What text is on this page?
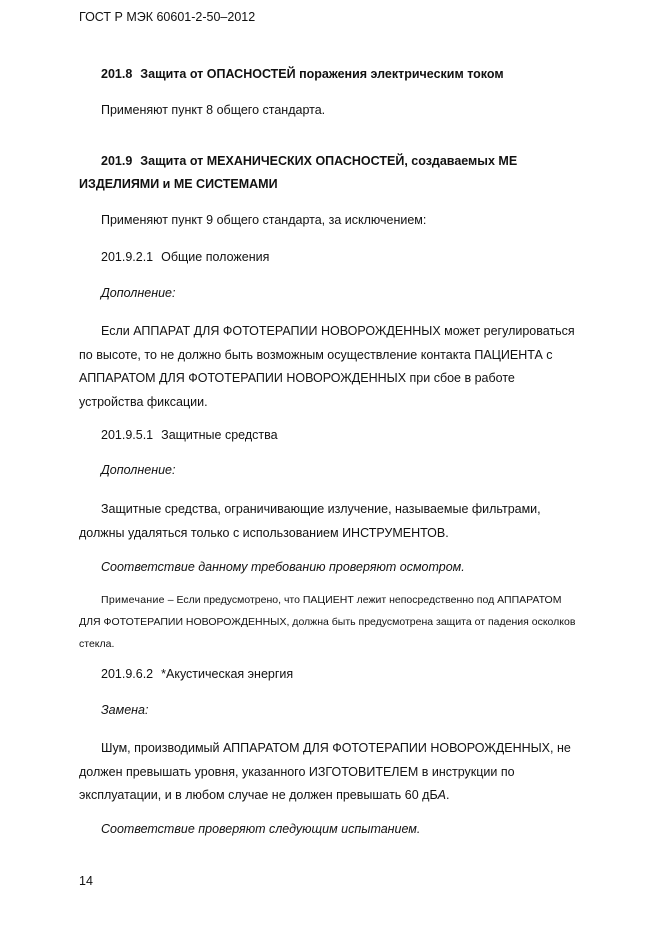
ГОСТ Р МЭК 60601-2-50–2012
201.8 Защита от ОПАСНОСТЕЙ поражения электрическим током
Применяют пункт 8 общего стандарта.
201.9 Защита от МЕХАНИЧЕСКИХ ОПАСНОСТЕЙ, создаваемых МЕ
ИЗДЕЛИЯМИ и МЕ СИСТЕМАМИ
Применяют пункт 9 общего стандарта, за исключением:
201.9.2.1 Общие положения
Дополнение:
Если АППАРАТ ДЛЯ ФОТОТЕРАПИИ НОВОРОЖДЕННЫХ может регулироваться
по высоте, то не должно быть возможным осуществление контакта ПАЦИЕНТА с
АППАРАТОМ ДЛЯ ФОТОТЕРАПИИ НОВОРОЖДЕННЫХ при сбое в работе
устройства фиксации.
201.9.5.1 Защитные средства
Дополнение:
Защитные средства, ограничивающие излучение, называемые фильтрами,
должны удаляться только с использованием ИНСТРУМЕНТОВ.
Соответствие данному требованию проверяют осмотром.
Примечание – Если предусмотрено, что ПАЦИЕНТ лежит непосредственно под АППАРАТОМ
ДЛЯ ФОТОТЕРАПИИ НОВОРОЖДЕННЫХ, должна быть предусмотрена защита от падения осколков
стекла.
201.9.6.2 *Акустическая энергия
Замена:
Шум, производимый АППАРАТОМ ДЛЯ ФОТОТЕРАПИИ НОВОРОЖДЕННЫХ, не
должен превышать уровня, указанного ИЗГОТОВИТЕЛЕМ в инструкции по
эксплуатации, и в любом случае не должен превышать 60 дБА.
Соответствие проверяют следующим испытанием.
14
